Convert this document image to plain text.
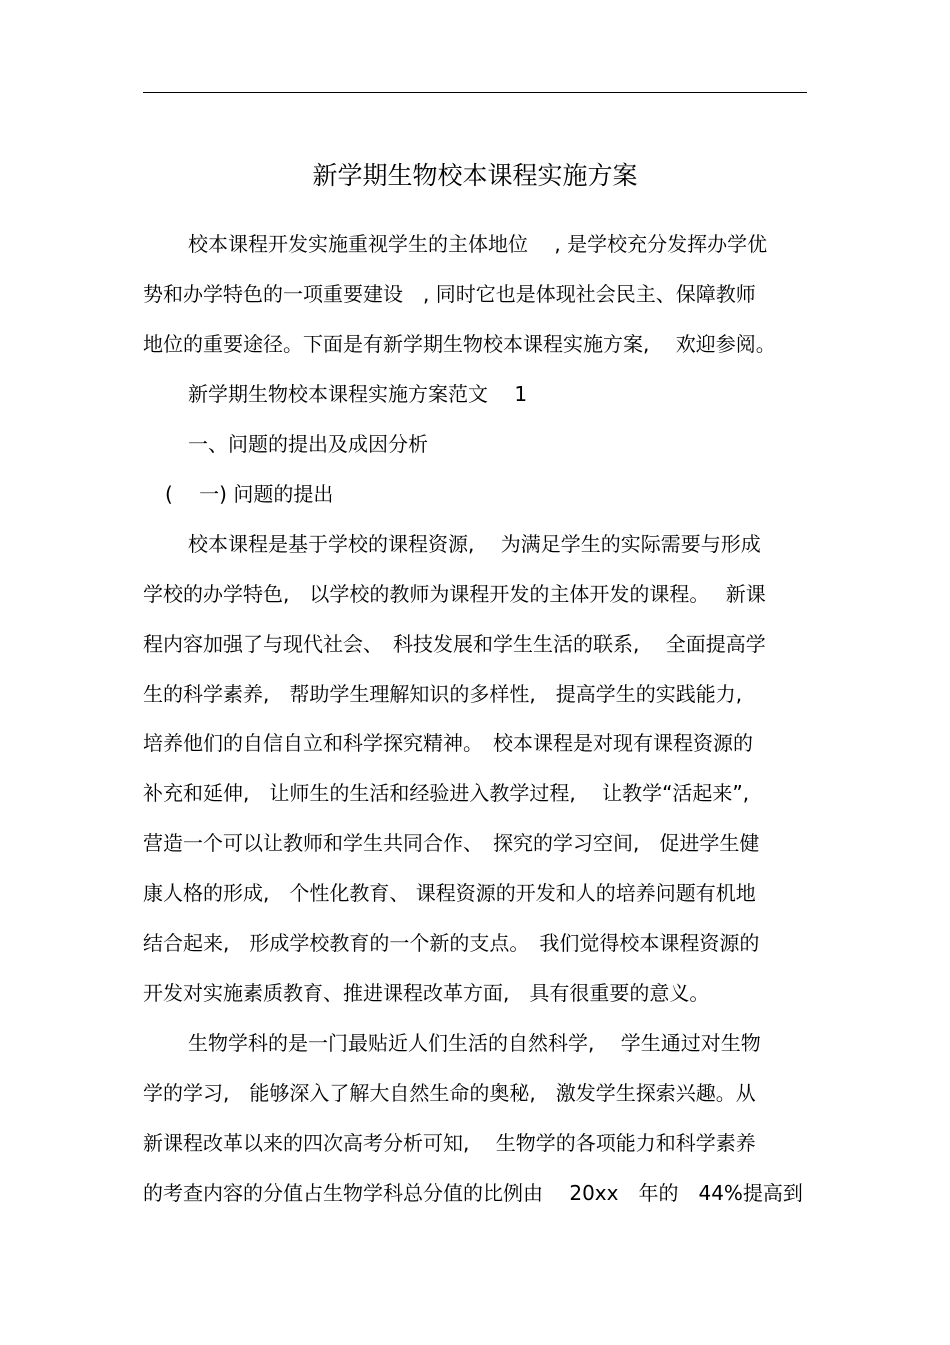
新学期生物校本课程实施方案
校本课程开发实施重视学生的主体地位　 , 是学校充分发挥办学优
势和办学特色的一项重要建设　, 同时它也是体现社会民主、保障教师
地位的重要途径。下面是有新学期生物校本课程实施方案,　 欢迎参阅。
新学期生物校本课程实施方案范文　 1
一、问题的提出及成因分析
(　 一) 问题的提出
校本课程是基于学校的课程资源,　 为满足学生的实际需要与形成
学校的办学特色,　以学校的教师为课程开发的主体开发的课程。　 新课
程内容加强了与现代社会、　科技发展和学生生活的联系,　 全面提高学
生的科学素养,　帮助学生理解知识的多样性,　提高学生的实践能力,
培养他们的自信自立和科学探究精神。　校本课程是对现有课程资源的
补充和延伸,　让师生的生活和经验进入教学过程,　 让教学“活起来”,
营造一个可以让教师和学生共同合作、　探究的学习空间,　促进学生健
康人格的形成,　个性化教育、 课程资源的开发和人的培养问题有机地
结合起来,　形成学校教育的一个新的支点。　我们觉得校本课程资源的
开发对实施素质教育、推进课程改革方面,　具有很重要的意义。
生物学科的是一门最贴近人们生活的自然科学,　 学生通过对生物
学的学习,　能够深入了解大自然生命的奥秘,　激发学生探索兴趣。从
新课程改革以来的四次高考分析可知,　 生物学的各项能力和科学素养
的考查内容的分值占生物学科总分值的比例由　 20xx　年的　44%提高到
